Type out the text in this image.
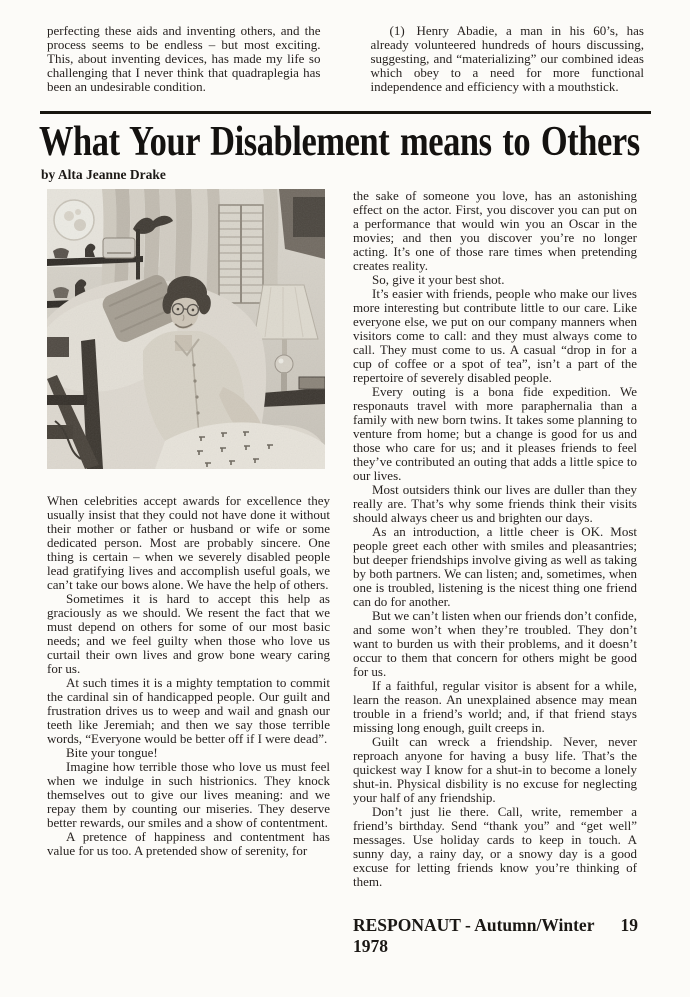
perfecting these aids and inventing others, and the process seems to be endless – but most exciting. This, about inventing devices, has made my life so challenging that I never think that quadraplegia has been an undesirable condition.

(1) Henry Abadie, a man in his 60’s, has already volunteered hundreds of hours discussing, suggesting, and “materializing” our combined ideas which obey to a need for more functional independence and efficiency with a mouthstick.

What Your Disablement means to Others
by Alta Jeanne Drake

When celebrities accept awards for excellence they usually insist that they could not have done it without their mother or father or husband or wife or some dedicated person. Most are probably sincere. One thing is certain – when we severely disabled people lead gratifying lives and accomplish useful goals, we can’t take our bows alone. We have the help of others.

Sometimes it is hard to accept this help as graciously as we should. We resent the fact that we must depend on others for some of our most basic needs; and we feel guilty when those who love us curtail their own lives and grow bone weary caring for us.

At such times it is a mighty temptation to commit the cardinal sin of handicapped people. Our guilt and frustration drives us to weep and wail and gnash our teeth like Jeremiah; and then we say those terrible words, “Everyone would be better off if I were dead”.

Bite your tongue!

Imagine how terrible those who love us must feel when we indulge in such histrionics. They knock themselves out to give our lives meaning: and we repay them by counting our miseries. They deserve better rewards, our smiles and a show of contentment.

A pretence of happiness and contentment has value for us too. A pretended show of serenity, for

the sake of someone you love, has an astonishing effect on the actor. First, you discover you can put on a performance that would win you an Oscar in the movies; and then you discover you’re no longer acting. It’s one of those rare times when pretending creates reality.

So, give it your best shot.

It’s easier with friends, people who make our lives more interesting but contribute little to our care. Like everyone else, we put on our company manners when visitors come to call: and they must always come to call. They must come to us. A casual “drop in for a cup of coffee or a spot of tea”, isn’t a part of the repertoire of severely disabled people.

Every outing is a bona fide expedition. We responauts travel with more paraphernalia than a family with new born twins. It takes some planning to venture from home; but a change is good for us and those who care for us; and it pleases friends to feel they’ve contributed an outing that adds a little spice to our lives.

Most outsiders think our lives are duller than they really are. That’s why some friends think their visits should always cheer us and brighten our days.

As an introduction, a little cheer is OK. Most people greet each other with smiles and pleasantries; but deeper friendships involve giving as well as taking by both partners. We can listen; and, sometimes, when one is troubled, listening is the nicest thing one friend can do for another.

But we can’t listen when our friends don’t confide, and some won’t when they’re troubled. They don’t want to burden us with their problems, and it doesn’t occur to them that concern for others might be good for us.

If a faithful, regular visitor is absent for a while, learn the reason. An unexplained absence may mean trouble in a friend’s world; and, if that friend stays missing long enough, guilt creeps in.

Guilt can wreck a friendship. Never, never reproach anyone for having a busy life. That’s the quickest way I know for a shut-in to become a lonely shut-in. Physical disbility is no excuse for neglecting your half of any friendship.

Don’t just lie there. Call, write, remember a friend’s birthday. Send “thank you” and “get well” messages. Use holiday cards to keep in touch. A sunny day, a rainy day, or a snowy day is a good excuse for letting friends know you’re thinking of them.

RESPONAUT - Autumn/Winter 1978
19
